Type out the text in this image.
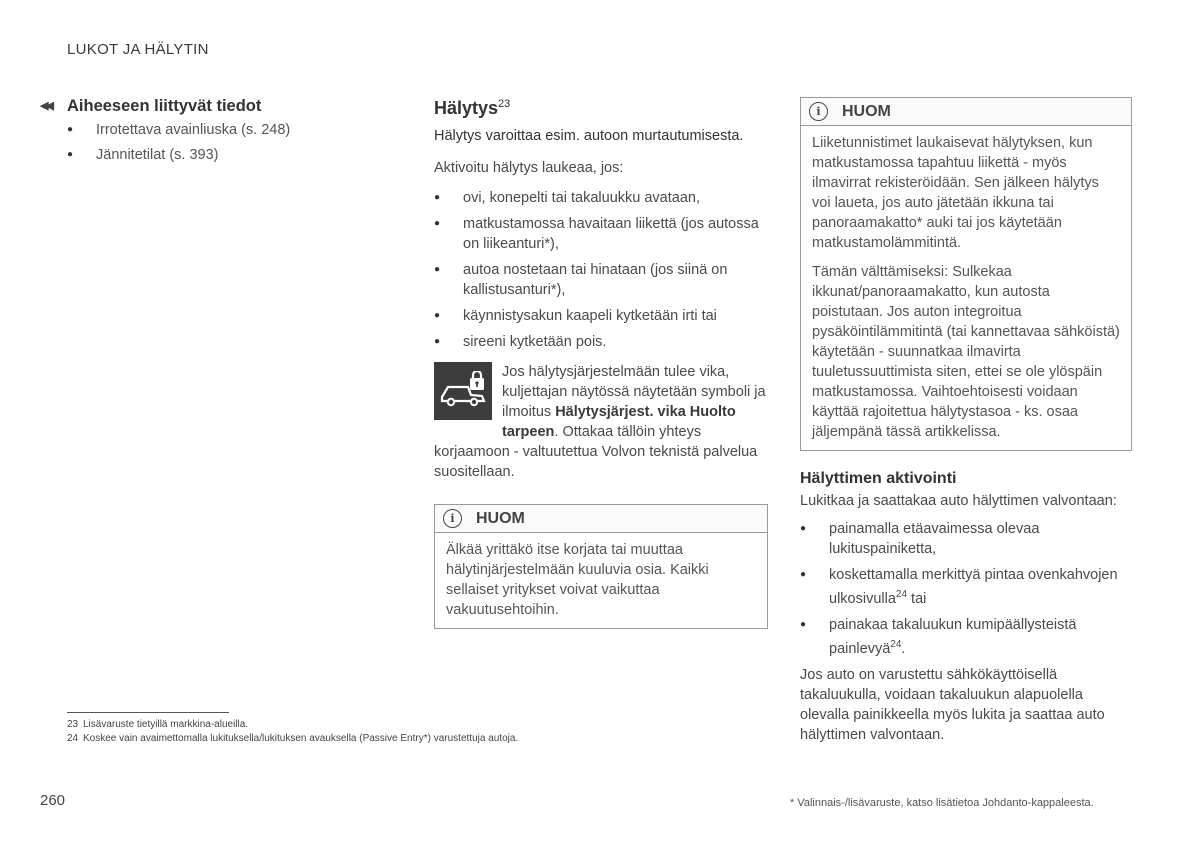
LUKOT JA HÄLYTIN
◀◀ Aiheeseen liittyvät tiedot
● Irrotettava avainliuska (s. 248)
● Jännitetilat (s. 393)
Hälytys$^{23}$
Hälytys varoittaa esim. autoon murtautumisesta.
Aktivoitu hälytys laukeaa, jos:
● ovi, konepelti tai takaluukku avataan,
● matkustamossa havaitaan liikettä (jos autossa on liikeanturi*),
● autoa nostetaan tai hinataan (jos siinä on kallistusanturi*),
● käynnistysakun kaapeli kytketään irti tai
● sireeni kytketään pois.
Jos hälytysjärjestelmään tulee vika, kuljettajan näytössä näytetään symboli ja ilmoitus Hälytysjärjest. vika Huolto tarpeen. Ottakaa tällöin yhteys korjaamoon - valtuutettua Volvon teknistä palvelua suositellaan.
i	HUOM

Älkää yrittäkö itse korjata tai muuttaa hälytinjärjestelmään kuuluvia osia. Kaikki sellaiset yritykset voivat vaikuttaa vakuutusehtoihin.

i	HUOM

Liiketunnistimet laukaisevat hälytyksen, kun matkustamossa tapahtuu liikettä - myös ilmavirrat rekisteröidään. Sen jälkeen hälytys voi laueta, jos auto jätetään ikkuna tai panoraamakatto* auki tai jos käytetään matkustamolämmitintä.

Tämän välttämiseksi: Sulkekaa ikkunat/panoraamakatto, kun autosta poistutaan. Jos auton integroitua pysäköintilämmitintä (tai kannettavaa sähköistä) käytetään - suunnatkaa ilmavirta tuuletussuuttimista siten, ettei se ole ylöspäin matkustamossa. Vaihtoehtoisesti voidaan käyttää rajoitettua hälytystasoa - ks. osaa jäljempänä tässä artikkelissa.

Hälyttimen aktivointi
Lukitkaa ja saattakaa auto hälyttimen valvontaan:
● painamalla etäavaimessa olevaa lukituspainiketta,
● koskettamalla merkittyä pintaa ovenkahvojen ulkosivulla$^{24}$ tai
● painakaa takaluukun kumipäällysteistä painlevyä$^{24}$.
Jos auto on varustettu sähkökäyttöisellä takaluukulla, voidaan takaluukun alapuolella olevalla painikkeella myös lukita ja saattaa auto hälyttimen valvontaan.
23 Lisävaruste tietyillä markkina-alueilla.
24 Koskee vain avaimettomalla lukituksella/lukituksen avauksella (Passive Entry*) varustettuja autoja.
260	* Valinnais-/lisävaruste, katso lisätietoa Johdanto-kappaleesta.
